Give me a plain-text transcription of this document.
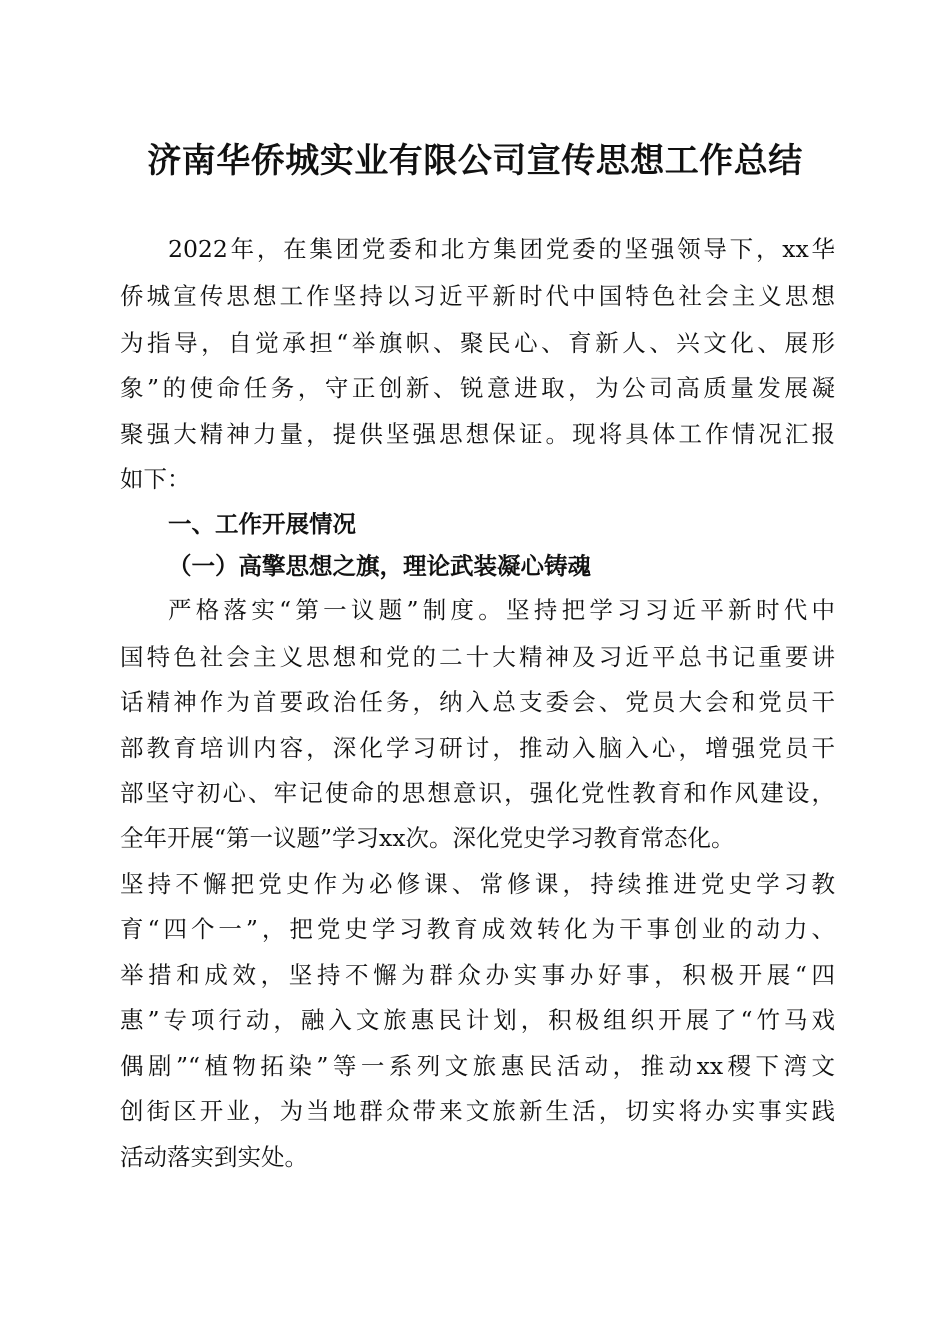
济南华侨城实业有限公司宣传思想工作总结
2022年，在集团党委和北方集团党委的坚强领导下，xx华
侨城宣传思想工作坚持以习近平新时代中国特色社会主义思想
为指导，自觉承担“举旗帜、聚民心、育新人、兴文化、展形
象”的使命任务，守正创新、锐意进取，为公司高质量发展凝
聚强大精神力量，提供坚强思想保证。现将具体工作情况汇报
如下：
一、工作开展情况
（一）高擎思想之旗，理论武装凝心铸魂
严格落实“第一议题”制度。坚持把学习习近平新时代中
国特色社会主义思想和党的二十大精神及习近平总书记重要讲
话精神作为首要政治任务，纳入总支委会、党员大会和党员干
部教育培训内容，深化学习研讨，推动入脑入心，增强党员干
部坚守初心、牢记使命的思想意识，强化党性教育和作风建设，
全年开展“第一议题”学习xx次。深化党史学习教育常态化。
坚持不懈把党史作为必修课、常修课，持续推进党史学习教
育“四个一”，把党史学习教育成效转化为干事创业的动力、
举措和成效，坚持不懈为群众办实事办好事，积极开展“四
惠”专项行动，融入文旅惠民计划，积极组织开展了“竹马戏
偶剧”“植物拓染”等一系列文旅惠民活动，推动xx稷下湾文
创街区开业，为当地群众带来文旅新生活，切实将办实事实践
活动落实到实处。
